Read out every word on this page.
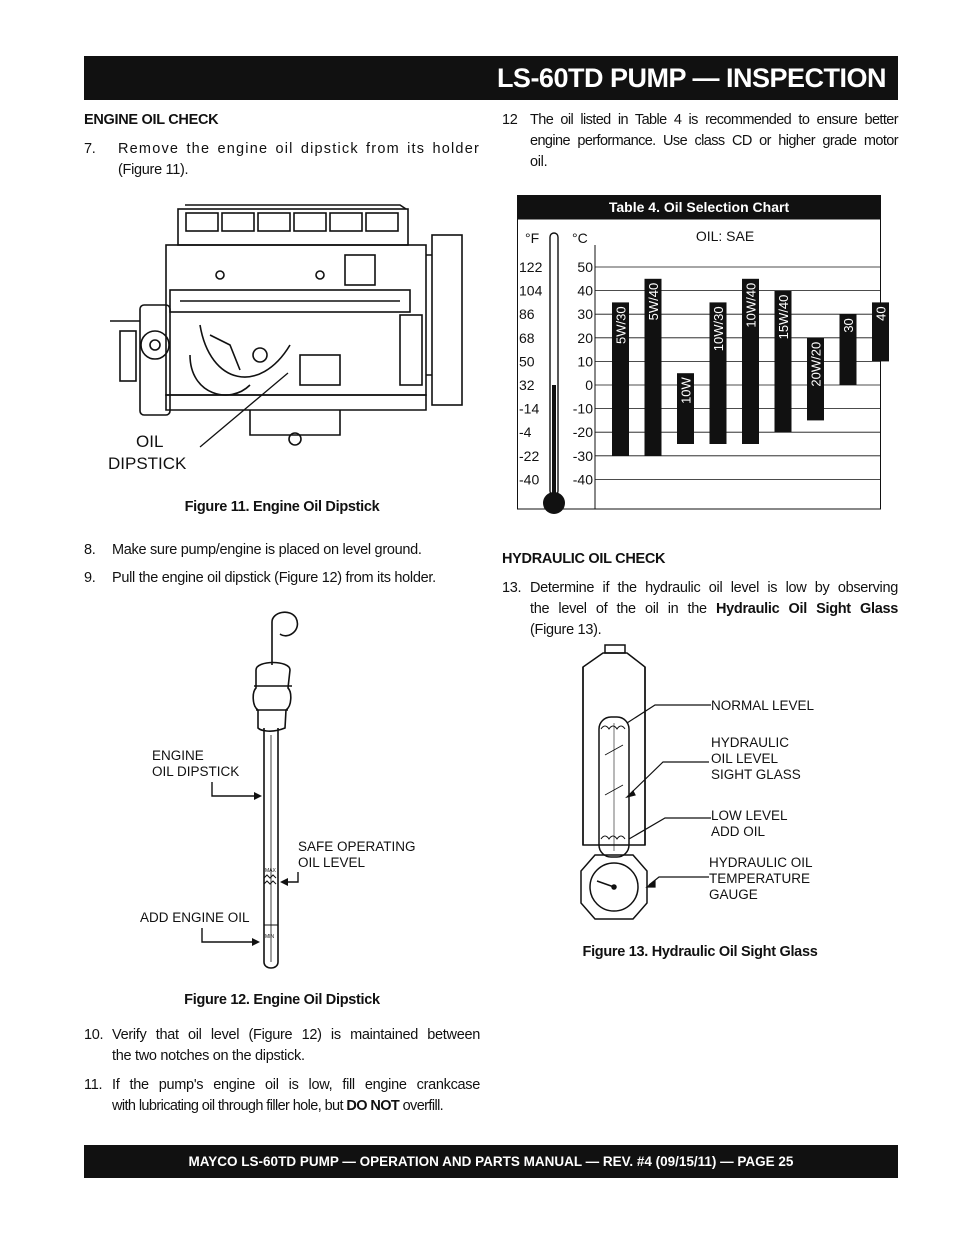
LS-60TD PUMP — INSPECTION
ENGINE OIL CHECK
7. Remove the engine oil dipstick from its holder
(Figure 11).
OIL
DIPSTICK
Figure 11. Engine Oil Dipstick
8. Make sure pump/engine is placed on level ground.
9. Pull the engine oil dipstick (Figure 12) from its holder.
MAX
MIN
ENGINE
OIL DIPSTICK
SAFE OPERATING
OIL LEVEL
ADD ENGINE OIL
Figure 12. Engine Oil Dipstick
10. Verify that oil level (Figure 12) is maintained between
the two notches on the dipstick.
11. If the pump's engine oil is low, fill engine crankcase
with lubricating oil through filler hole, but DO NOT overfill.
12 The oil listed in Table 4 is recommended to ensure better
engine performance. Use class CD or higher grade motor
oil.
Table 4. Oil Selection Chart
°F °C	OIL: SAE
122	50
104	40
86	30
68	20
50	10
32	0
-14 -10
-4	-20
-22 -30
-40 -40
5W/30
5W/40
10W
10W/30
10W/40 15W/40
20W/20
30
40
HYDRAULIC OIL CHECK
13. Determine if the hydraulic oil level is low by observing
the level of the oil in the Hydraulic Oil Sight Glass
(Figure 13).
NORMAL LEVEL
HYDRAULIC
OIL LEVEL
SIGHT GLASS
LOW LEVEL
ADD OIL
HYDRAULIC OIL
TEMPERATURE
GAUGE
Figure 13. Hydraulic Oil Sight Glass
MAYCO LS-60TD PUMP — OPERATION AND PARTS MANUAL — REV. #4 (09/15/11) — PAGE 25
